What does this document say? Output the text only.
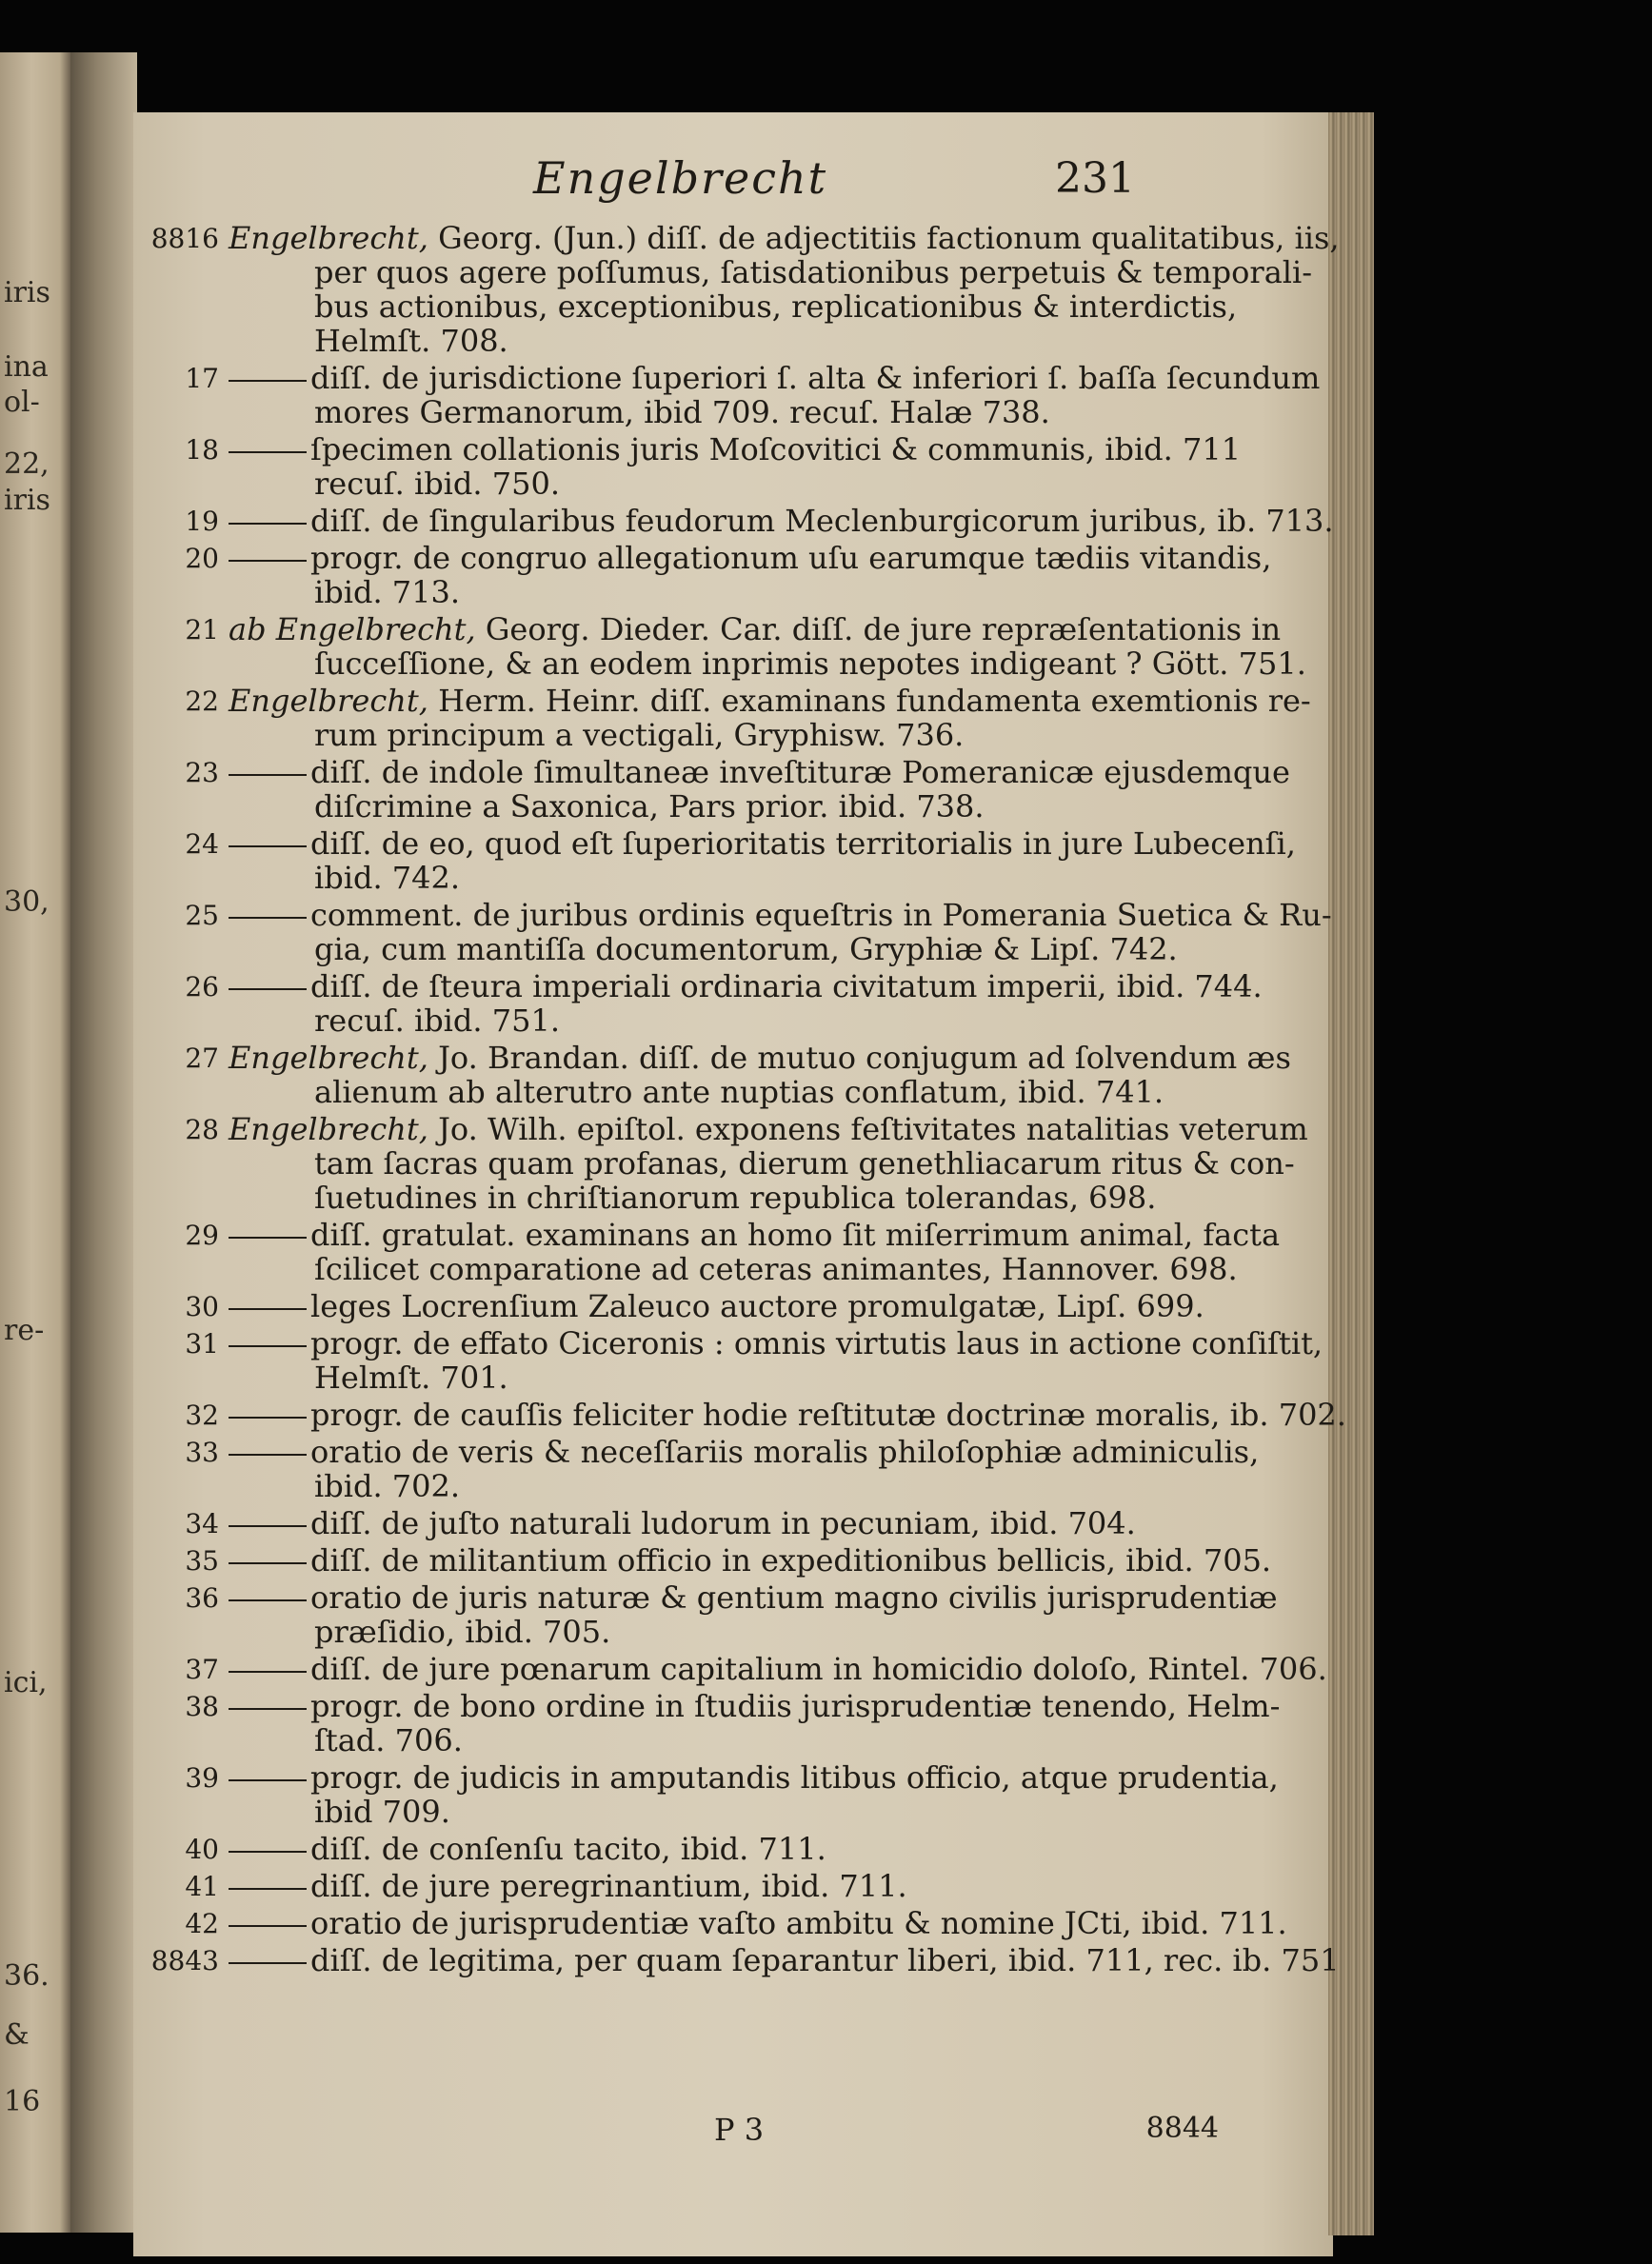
iris
ina
ol-
22,
iris
30,
re-
ici,
36.
&
16
Engelbrecht	231
8816 Engelbrecht, Georg. (Jun.) diſſ. de adjectitiis factionum qualitatibus, iis,
per quos agere poſſumus, ſatisdationibus perpetuis & temporali-
bus actionibus, exceptionibus, replicationibus & interdictis,
Helmſt. 708.
17	diſſ. de jurisdictione ſuperiori ſ. alta & inferiori ſ. baſſa ſecundum
mores Germanorum, ibid 709. recuſ. Halæ 738.
18	ſpecimen collationis juris Moſcovitici & communis, ibid. 711
recuſ. ibid. 750.
19	diſſ. de ſingularibus feudorum Meclenburgicorum juribus, ib. 713.
20	progr. de congruo allegationum uſu earumque tædiis vitandis,
ibid. 713.
21 ab Engelbrecht, Georg. Dieder. Car. diſſ. de jure repræſentationis in
ſucceſſione, & an eodem inprimis nepotes indigeant ? Gött. 751.
22 Engelbrecht, Herm. Heinr. diſſ. examinans fundamenta exemtionis re-
rum principum a vectigali, Gryphisw. 736.
23	diſſ. de indole ſimultaneæ inveſtituræ Pomeranicæ ejusdemque
diſcrimine a Saxonica, Pars prior. ibid. 738.
24	diſſ. de eo, quod eſt ſuperioritatis territorialis in jure Lubecenſi,
ibid. 742.
25	comment. de juribus ordinis equeſtris in Pomerania Suetica & Ru-
gia, cum mantiſſa documentorum, Gryphiæ & Lipſ. 742.
26	diſſ. de ſteura imperiali ordinaria civitatum imperii, ibid. 744.
recuſ. ibid. 751.
27 Engelbrecht, Jo. Brandan. diſſ. de mutuo conjugum ad ſolvendum æs
alienum ab alterutro ante nuptias conflatum, ibid. 741.
28 Engelbrecht, Jo. Wilh. epiſtol. exponens feſtivitates natalitias veterum
tam ſacras quam profanas, dierum genethliacarum ritus & con-
ſuetudines in chriſtianorum republica tolerandas, 698.
29	diſſ. gratulat. examinans an homo ſit miſerrimum animal, facta
ſcilicet comparatione ad ceteras animantes, Hannover. 698.
30	leges Locrenſium Zaleuco auctore promulgatæ, Lipſ. 699.
31	progr. de effato Ciceronis : omnis virtutis laus in actione conſiſtit,
Helmſt. 701.
32	progr. de cauſſis feliciter hodie reſtitutæ doctrinæ moralis, ib. 702.
33	oratio de veris & neceſſariis moralis philoſophiæ adminiculis,
ibid. 702.
34	diſſ. de juſto naturali ludorum in pecuniam, ibid. 704.
35	diſſ. de militantium officio in expeditionibus bellicis, ibid. 705.
36	oratio de juris naturæ & gentium magno civilis jurisprudentiæ
præſidio, ibid. 705.
37	diſſ. de jure pœnarum capitalium in homicidio doloſo, Rintel. 706.
38	progr. de bono ordine in ſtudiis jurisprudentiæ tenendo, Helm-
ſtad. 706.
39	progr. de judicis in amputandis litibus officio, atque prudentia,
ibid 709.
40	diſſ. de conſenſu tacito, ibid. 711.
41	diſſ. de jure peregrinantium, ibid. 711.
42	oratio de jurisprudentiæ vaſto ambitu & nomine JCti, ibid. 711.
8843	diſſ. de legitima, per quam ſeparantur liberi, ibid. 711, rec. ib. 751
P 3	8844
